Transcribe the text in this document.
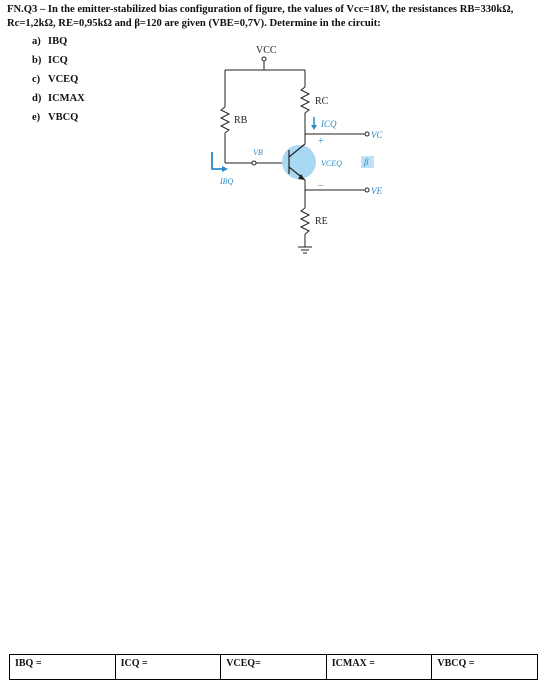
FN.Q3 – In the emitter-stabilized bias configuration of figure, the values of Vcc=18V, the resistances RB=330kΩ,
Rc=1,2kΩ, RE=0,95kΩ and β=120 are given (VBE=0,7V). Determine in the circuit:
a) IBQ
b) ICQ
c) VCEQ
d) ICMAX
e) VBCQ
VCC
RB
RC
ICQ
VC
+
VB
VCEQ β
–
IBQ
VE
RE
IBQ =	ICQ =	VCEQ=	ICMAX =	VBCQ =
